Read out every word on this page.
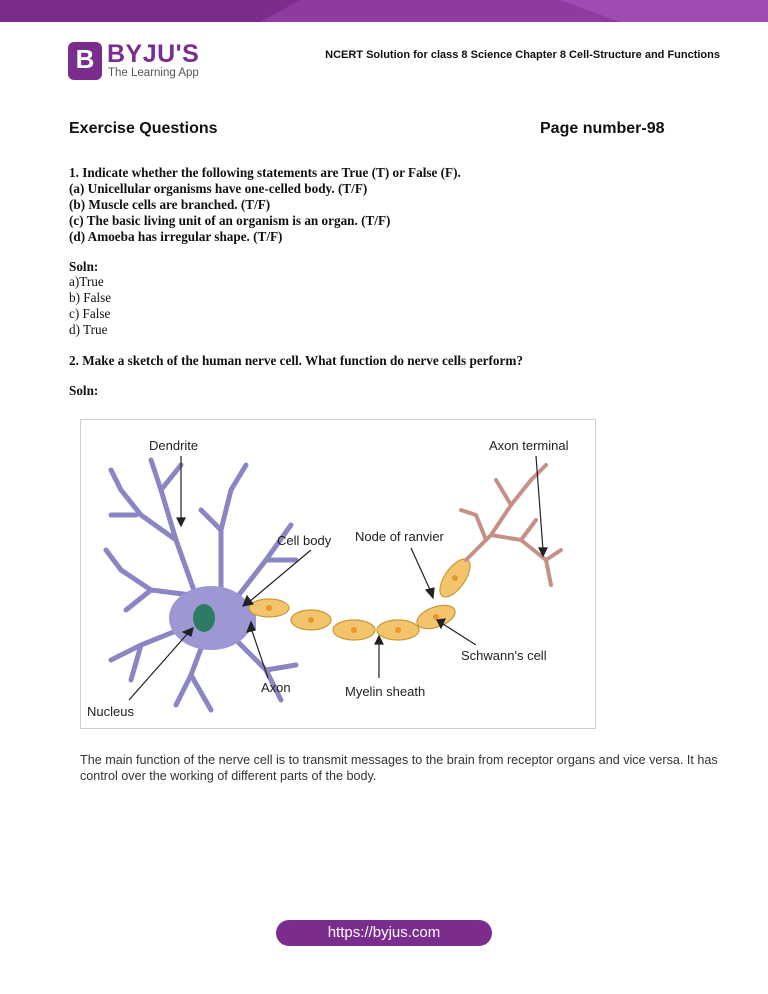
B BYJU'S
The Learning App
NCERT Solution for class 8 Science Chapter 8 Cell-Structure and Functions
Exercise Questions	Page number-98
1. Indicate whether the following statements are True (T) or False (F).
(a) Unicellular organisms have one-celled body. (T/F)
(b) Muscle cells are branched. (T/F)
(c) The basic living unit of an organism is an organ. (T/F)
(d) Amoeba has irregular shape. (T/F)
Soln:
a)True
b) False
c) False
d) True
2. Make a sketch of the human nerve cell. What function do nerve cells perform?
Soln:
Dendrite	Axon terminal
Cell body Node of ranvier
Schwann's cell
Axon	Myelin sheath
Nucleus
The main function of the nerve cell is to transmit messages to the brain from receptor organs and vice versa. It has control over the working of different parts of the body.
https://byjus.com
